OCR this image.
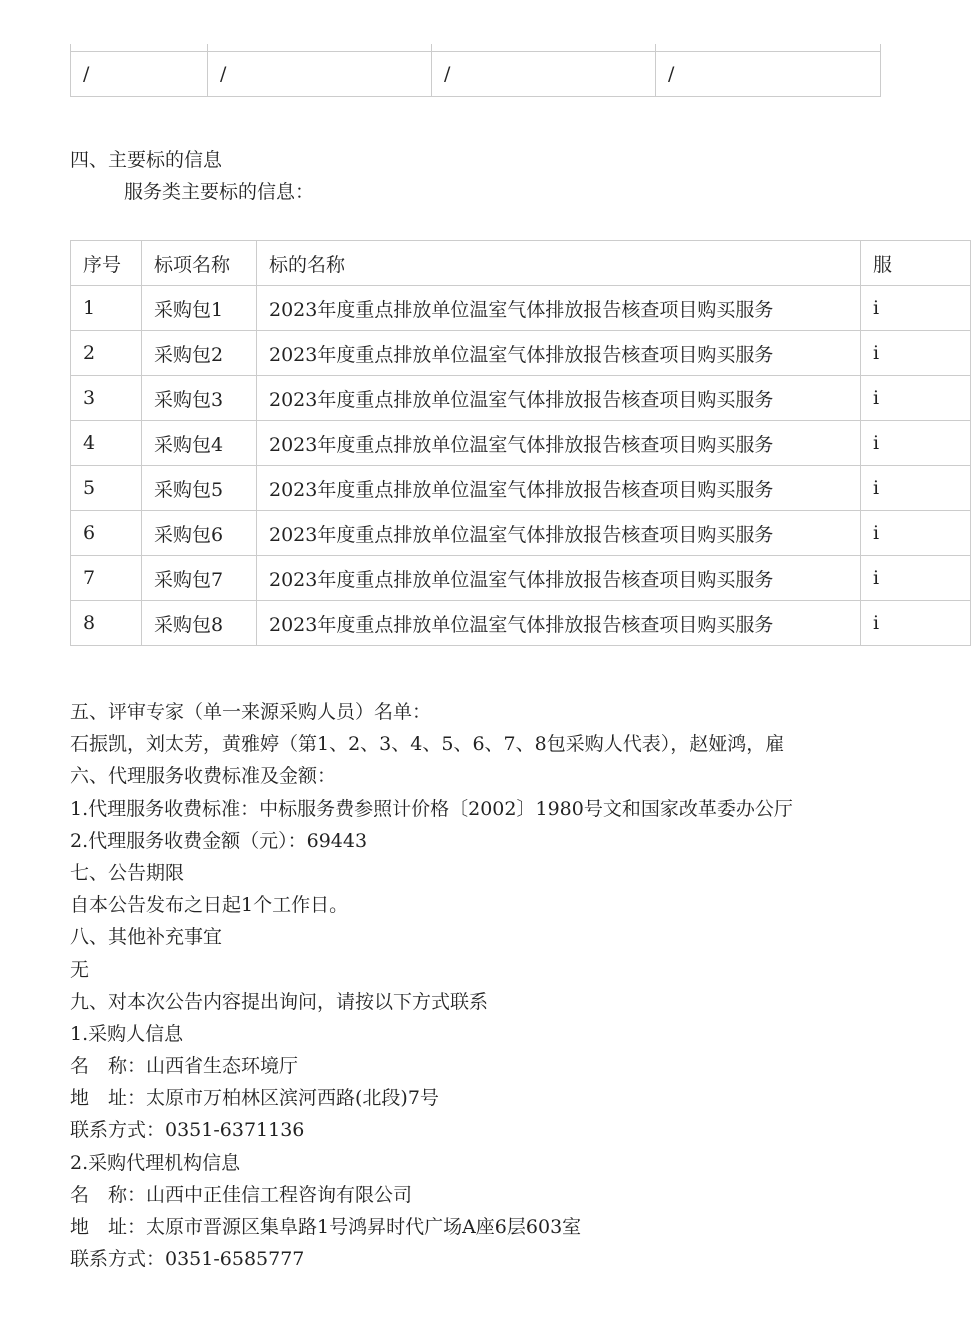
/	/	/	/
四、主要标的信息
服务类主要标的信息：
序号	标项名称	标的名称	服
1	采购包1	2023年度重点排放单位温室气体排放报告核查项目购买服务	i
2	采购包2	2023年度重点排放单位温室气体排放报告核查项目购买服务	i
3	采购包3	2023年度重点排放单位温室气体排放报告核查项目购买服务	i
4	采购包4	2023年度重点排放单位温室气体排放报告核查项目购买服务	i
5	采购包5	2023年度重点排放单位温室气体排放报告核查项目购买服务	i
6	采购包6	2023年度重点排放单位温室气体排放报告核查项目购买服务	i
7	采购包7	2023年度重点排放单位温室气体排放报告核查项目购买服务	i
8	采购包8	2023年度重点排放单位温室气体排放报告核查项目购买服务	i
五、评审专家（单一来源采购人员）名单：
石振凯，刘太芳，黄雅婷（第1、2、3、4、5、6、7、8包采购人代表），赵娅鸿，雇
六、代理服务收费标准及金额：
1.代理服务收费标准：中标服务费参照计价格〔2002〕1980号文和国家改革委办公厅
2.代理服务收费金额（元）：69443
七、公告期限
自本公告发布之日起1个工作日。
八、其他补充事宜
无
九、对本次公告内容提出询问，请按以下方式联系
1.采购人信息
名　称：山西省生态环境厅
地　址：太原市万柏林区滨河西路(北段)7号
联系方式：0351-6371136
2.采购代理机构信息
名　称：山西中正佳信工程咨询有限公司
地　址：太原市晋源区集阜路1号鸿昇时代广场A座6层603室
联系方式：0351-6585777
